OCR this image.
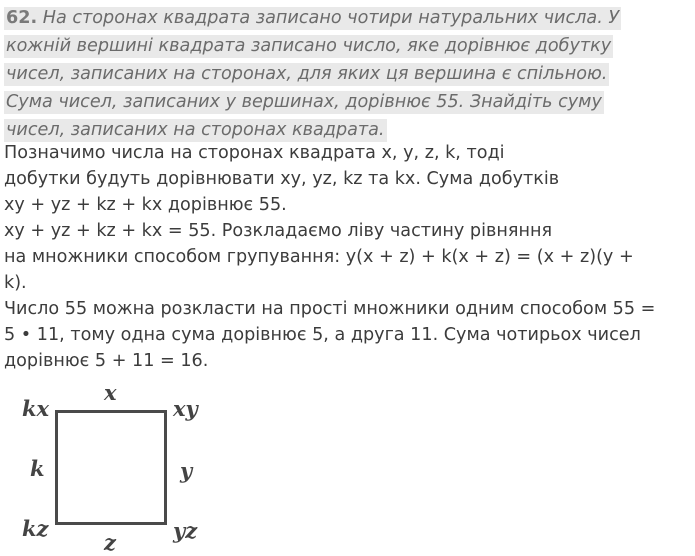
62. На сторонах квадрата записано чотири натуральних числа. У
кожній вершині квадрата записано число, яке дорівнює добутку
чисел, записаних на сторонах, для яких ця вершина є спільною.
Сума чисел, записаних у вершинах, дорівнює 55. Знайдіть суму
чисел, записаних на сторонах квадрата.
Позначимо числа на сторонах квадрата x, y, z, k, тоді
добутки будуть дорівнювати xy, yz, kz та kx. Сума добутків
xy + yz + kz + kx дорівнює 55.
xy + yz + kz + kx = 55. Розкладаємо ліву частину рівняння
на множники способом групування: y(x + z) + k(x + z) = (x + z)(y +
k).
Число 55 можна розкласти на прості множники одним способом 55 =
5 • 11, тому одна сума дорівнює 5, а друга 11. Сума чотирьох чисел
дорівнює 5 + 11 = 16.
kx
x
xy
k	y
kz
z	yz
